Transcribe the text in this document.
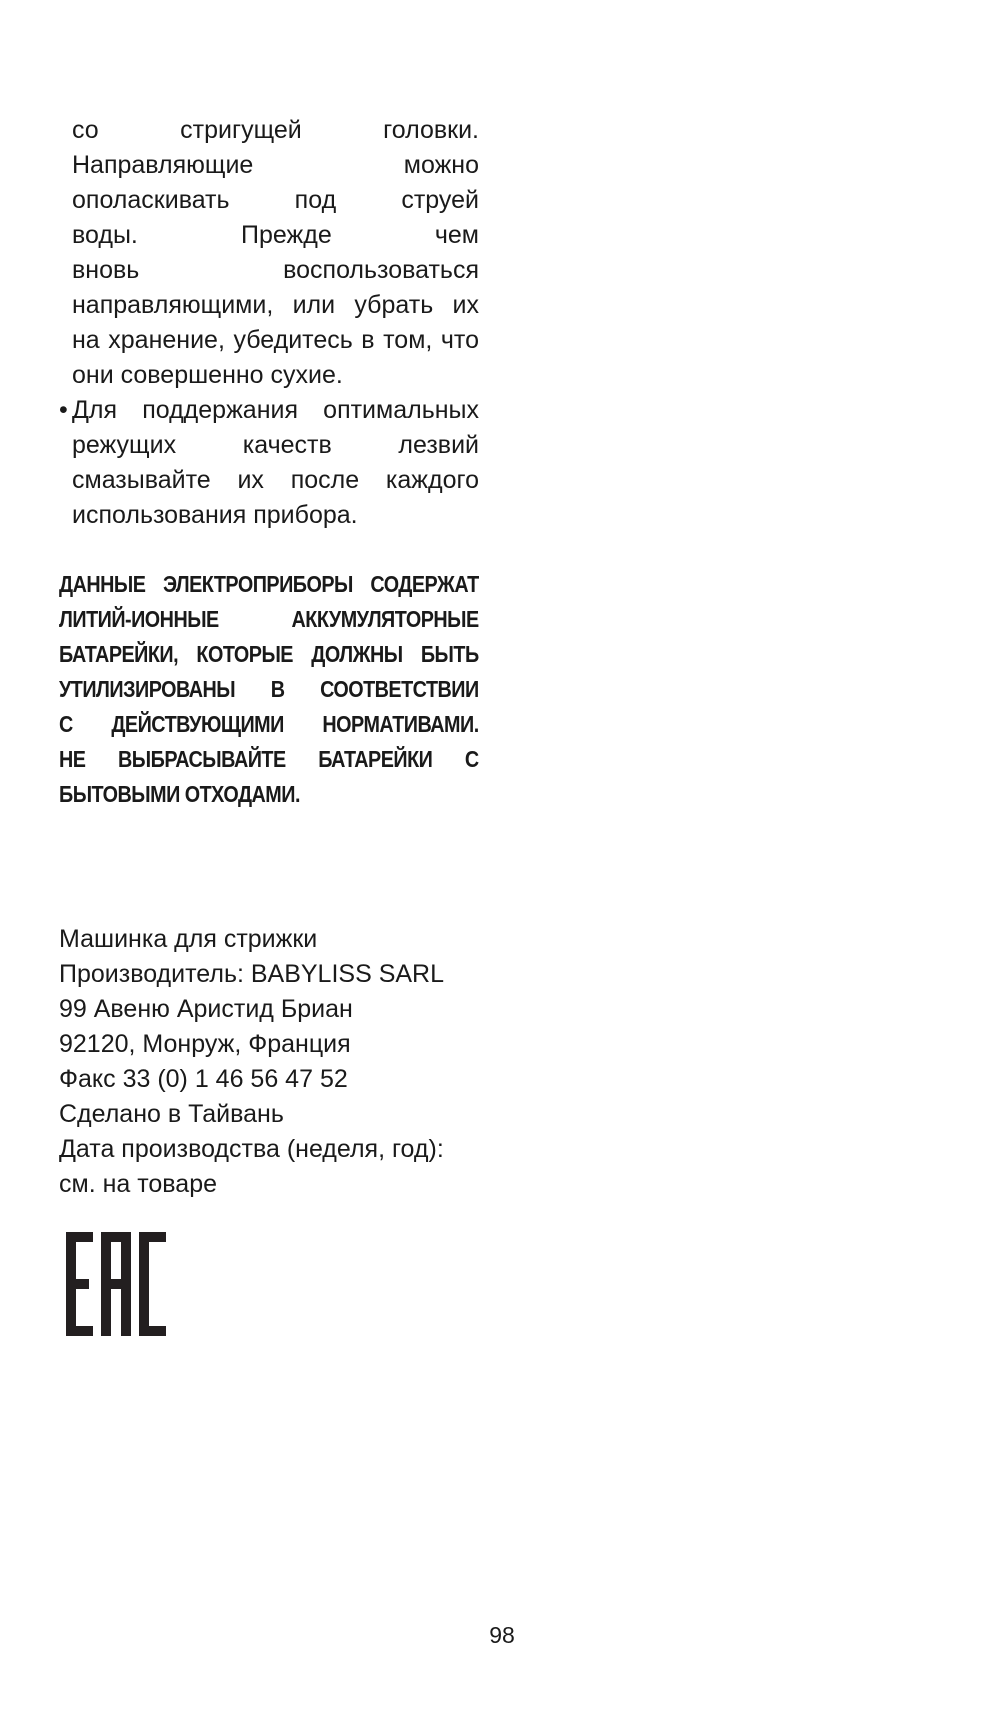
со стригущей головки.
Направляющие можно
ополаскивать под струей
воды. Прежде чем
вновь воспользоваться
направляющими, или убрать их
на хранение, убедитесь в том, что
они совершенно сухие.
• Для поддержания оптимальных
режущих качеств лезвий
смазывайте их после каждого
использования прибора.
ДАННЫЕ ЭЛЕКТРОПРИБОРЫ СОДЕРЖАТ
ЛИТИЙ-ИОННЫЕ АККУМУЛЯТОРНЫЕ
БАТАРЕЙКИ, КОТОРЫЕ ДОЛЖНЫ БЫТЬ
УТИЛИЗИРОВАНЫ В СООТВЕТСТВИИ
С ДЕЙСТВУЮЩИМИ НОРМАТИВАМИ.
НЕ ВЫБРАСЫВАЙТЕ БАТАРЕЙКИ С
БЫТОВЫМИ ОТХОДАМИ.
Машинка для стрижки
Производитель: BABYLISS SARL
99 Авеню Аристид Бриан
92120, Монруж, Франция
Факс 33 (0) 1 46 56 47 52
Сделано в Тайвань
Дата производства (неделя, год):
см. на товаре
98
